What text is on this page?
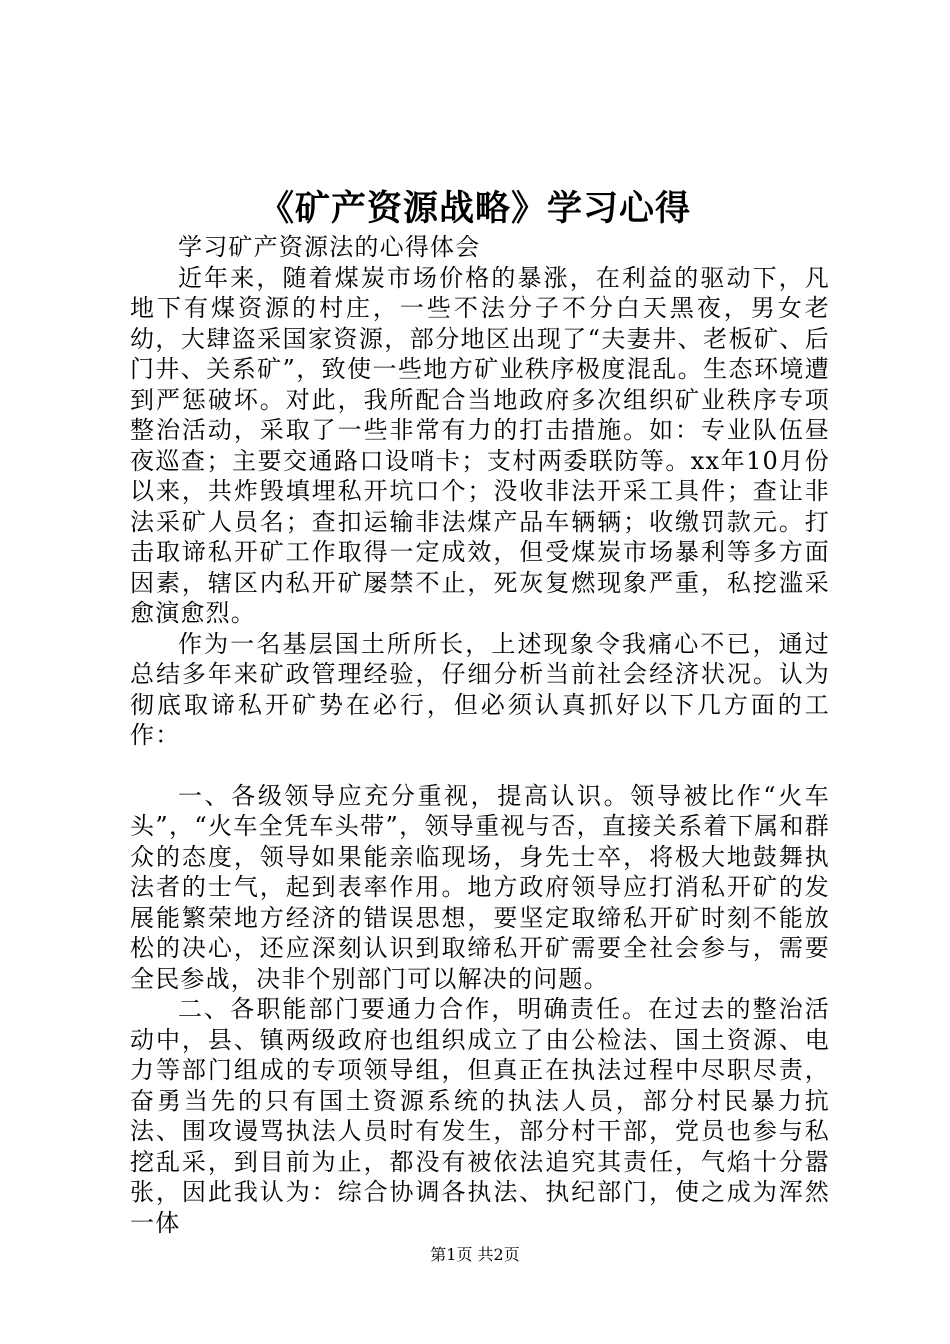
《矿产资源战略》学习心得

学习矿产资源法的心得体会

近年来，随着煤炭市场价格的暴涨，在利益的驱动下，凡地下有煤资源的村庄，一些不法分子不分白天黑夜，男女老幼，大肆盗采国家资源，部分地区出现了“夫妻井、老板矿、后门井、关系矿”，致使一些地方矿业秩序极度混乱。生态环境遭到严惩破坏。对此，我所配合当地政府多次组织矿业秩序专项整治活动，采取了一些非常有力的打击措施。如：专业队伍昼夜巡查；主要交通路口设哨卡；支村两委联防等。xx年10月份以来，共炸毁填埋私开坑口个；没收非法开采工具件；查让非法采矿人员名；查扣运输非法煤产品车辆辆；收缴罚款元。打击取谛私开矿工作取得一定成效，但受煤炭市场暴利等多方面因素，辖区内私开矿屡禁不止，死灰复燃现象严重，私挖滥采愈演愈烈。

作为一名基层国土所所长，上述现象令我痛心不已，通过总结多年来矿政管理经验，仔细分析当前社会经济状况。认为彻底取谛私开矿势在必行，但必须认真抓好以下几方面的工作：

一、各级领导应充分重视，提高认识。领导被比作“火车头”，“火车全凭车头带”，领导重视与否，直接关系着下属和群众的态度，领导如果能亲临现场，身先士卒，将极大地鼓舞执法者的士气，起到表率作用。地方政府领导应打消私开矿的发展能繁荣地方经济的错误思想，要坚定取缔私开矿时刻不能放松的决心，还应深刻认识到取缔私开矿需要全社会参与，需要全民参战，决非个别部门可以解决的问题。

二、各职能部门要通力合作，明确责任。在过去的整治活动中，县、镇两级政府也组织成立了由公检法、国土资源、电力等部门组成的专项领导组，但真正在执法过程中尽职尽责，奋勇当先的只有国土资源系统的执法人员，部分村民暴力抗法、围攻谩骂执法人员时有发生，部分村干部，党员也参与私挖乱采，到目前为止，都没有被依法追究其责任，气焰十分嚣张，因此我认为：综合协调各执法、执纪部门，使之成为浑然一体

第1页 共2页
